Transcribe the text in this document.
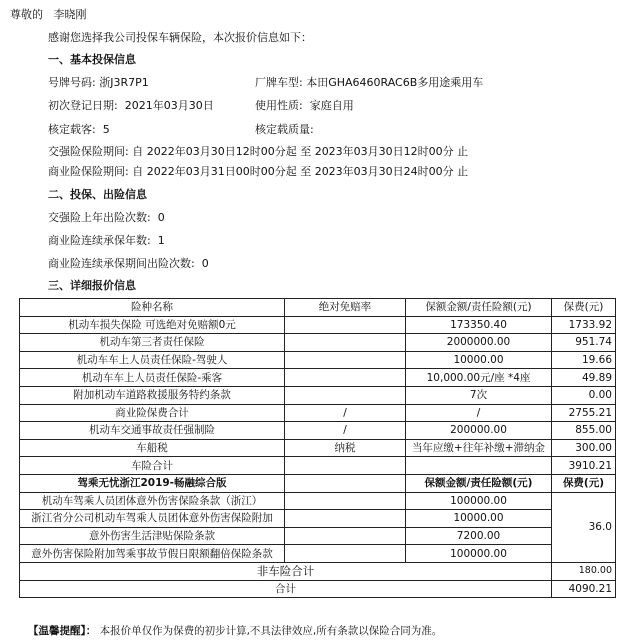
尊敬的 李晓刚
感谢您选择我公司投保车辆保险，本次报价信息如下：
一、基本投保信息
号牌号码: 浙J3R7P1	厂牌车型: 本田GHA6460RAC6B多用途乘用车
初次登记日期: 2021年03月30日	使用性质: 家庭自用
核定载客: 5	核定载质量:
交强险保险期间: 自 2022年03月30日12时00分起 至 2023年03月30日12时00分 止
商业险保险期间: 自 2022年03月31日00时00分起 至 2023年03月30日24时00分 止
二、投保、出险信息
交强险上年出险次数: 0
商业险连续承保年数: 1
商业险连续承保期间出险次数: 0
三、详细报价信息
险种名称	绝对免赔率	保额金额/责任险额(元)	保费(元)
机动车损失保险 可选绝对免赔额0元		173350.40	1733.92
机动车第三者责任保险		2000000.00	951.74
机动车车上人员责任保险-驾驶人		10000.00	19.66
机动车车上人员责任保险-乘客		10,000.00元/座 *4座	49.89
附加机动车道路救援服务特约条款		7次	0.00
商业险保费合计	/	/	2755.21
机动车交通事故责任强制险	/	200000.00	855.00
车船税	纳税	当年应缴+往年补缴+滞纳金	300.00
车险合计			3910.21
驾乘无忧浙江2019-畅融综合版		保额金额/责任险额(元)	保费(元)
机动车驾乘人员团体意外伤害保险条款（浙江）		100000.00	36.0
浙江省分公司机动车驾乘人员团体意外伤害保险附加		10000.00	
意外伤害生活津贴保险条款		7200.00	
意外伤害保险附加驾乘事故节假日限额翻倍保险条款		100000.00	
非车险合计			180.00
合计			4090.21
【温馨提醒】： 本报价单仅作为保费的初步计算,不具法律效应,所有条款以保险合同为准。
